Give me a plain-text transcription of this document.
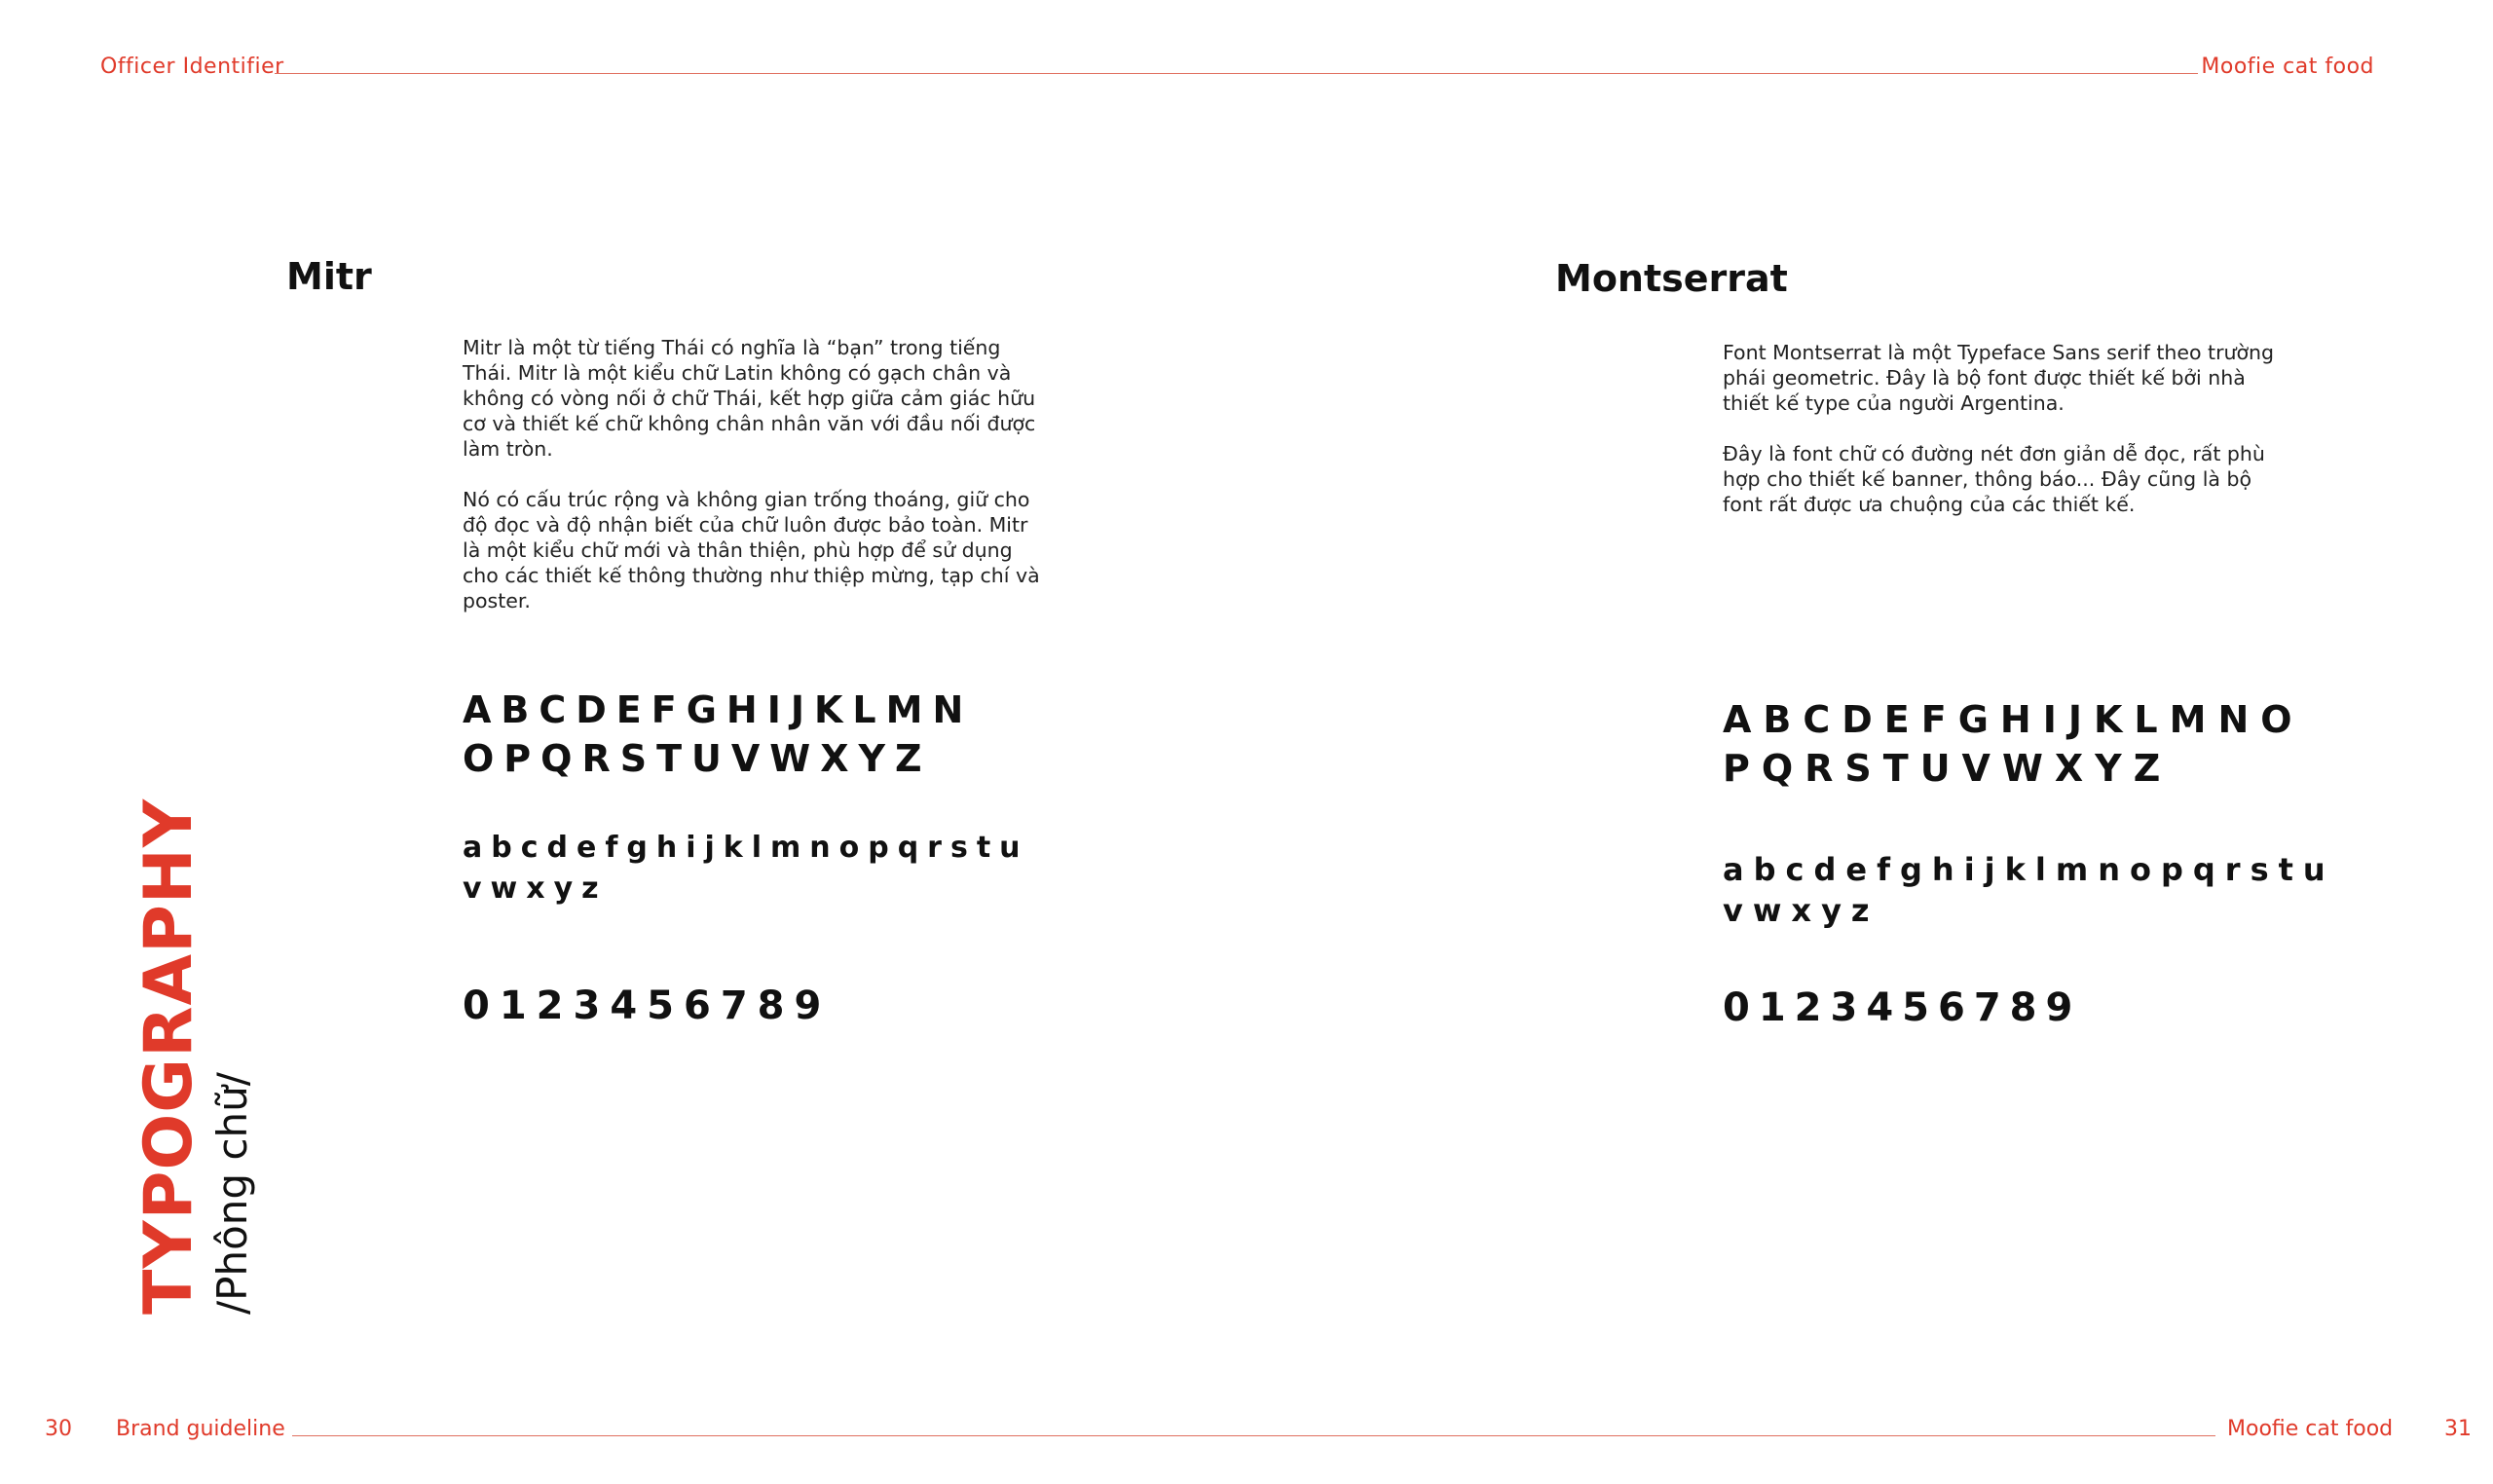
Officer Identifier	Moofie cat food
TYPOGRAPHY /Phông chữ/
Mitr

Mitr là một từ tiếng Thái có nghĩa là “bạn” trong tiếng Thái. Mitr là một kiểu chữ Latin không có gạch chân và không có vòng nối ở chữ Thái, kết hợp giữa cảm giác hữu cơ và thiết kế chữ không chân nhân văn với đầu nối được làm tròn.

Nó có cấu trúc rộng và không gian trống thoáng, giữ cho độ đọc và độ nhận biết của chữ luôn được bảo toàn. Mitr là một kiểu chữ mới và thân thiện, phù hợp để sử dụng cho các thiết kế thông thường như thiệp mừng, tạp chí và poster.

ABCDEFGHIJKLMN
OPQRSTUVWXYZ
abcdefghijklmnopqrstu
vwxyz
0123456789
Montserrat

Font Montserrat là một Typeface Sans serif theo trường phái geometric. Đây là bộ font được thiết kế bởi nhà thiết kế type của người Argentina.

Đây là font chữ có đường nét đơn giản dễ đọc, rất phù hợp cho thiết kế banner, thông báo... Đây cũng là bộ font rất được ưa chuộng của các thiết kế.

ABCDEFGHIJKLMNO
PQRSTUVWXYZ
abcdefghijklmnopqrstu
vwxyz
0123456789
30 Brand guideline	Moofie cat food 31
